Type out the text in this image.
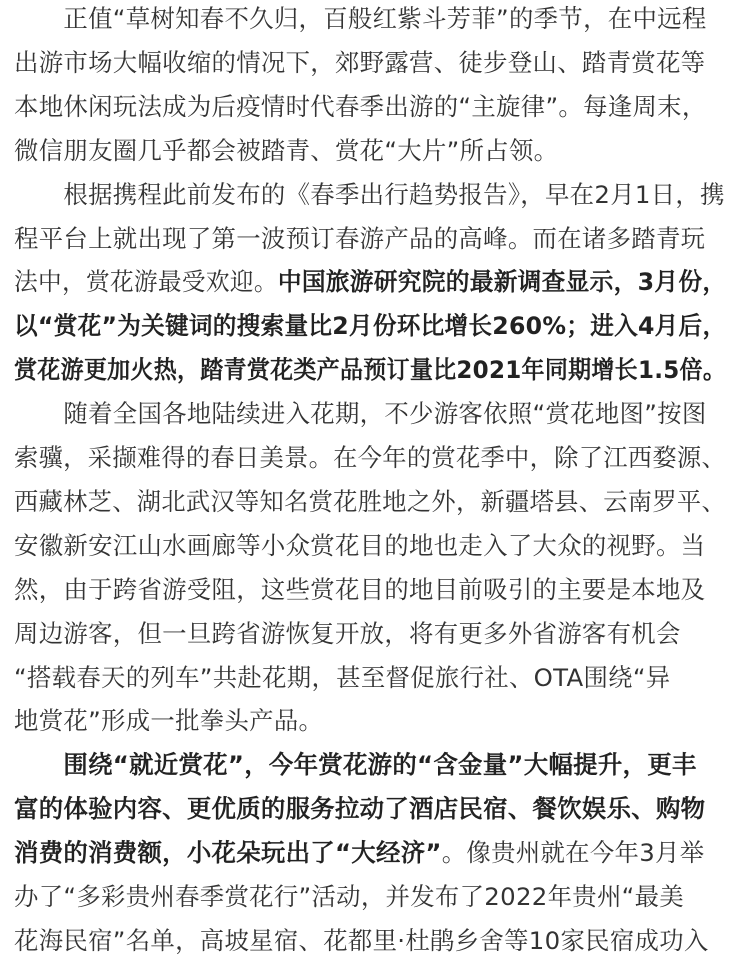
　　正值“草树知春不久归，百般红紫斗芳菲”的季节，在中远程
出游市场大幅收缩的情况下，郊野露营、徒步登山、踏青赏花等
本地休闲玩法成为后疫情时代春季出游的“主旋律”。每逢周末，
微信朋友圈几乎都会被踏青、赏花“大片”所占领。
　　根据携程此前发布的《春季出行趋势报告》，早在2月1日，携
程平台上就出现了第一波预订春游产品的高峰。而在诸多踏青玩
法中，赏花游最受欢迎。中国旅游研究院的最新调查显示，3月份，
以“赏花”为关键词的搜索量比2月份环比增长260%；进入4月后，
赏花游更加火热，踏青赏花类产品预订量比2021年同期增长1.5倍。
　　随着全国各地陆续进入花期，不少游客依照“赏花地图”按图
索骥，采撷难得的春日美景。在今年的赏花季中，除了江西婺源、
西藏林芝、湖北武汉等知名赏花胜地之外，新疆塔县、云南罗平、
安徽新安江山水画廊等小众赏花目的地也走入了大众的视野。当
然，由于跨省游受阻，这些赏花目的地目前吸引的主要是本地及
周边游客，但一旦跨省游恢复开放，将有更多外省游客有机会
“搭载春天的列车”共赴花期，甚至督促旅行社、OTA围绕“异
地赏花”形成一批拳头产品。
　　围绕“就近赏花”，今年赏花游的“含金量”大幅提升，更丰
富的体验内容、更优质的服务拉动了酒店民宿、餐饮娱乐、购物
消费的消费额，小花朵玩出了“大经济”。像贵州就在今年3月举
办了“多彩贵州春季赏花行”活动，并发布了2022年贵州“最美
花海民宿”名单，高坡星宿、花都里·杜鹃乡舍等10家民宿成功入
